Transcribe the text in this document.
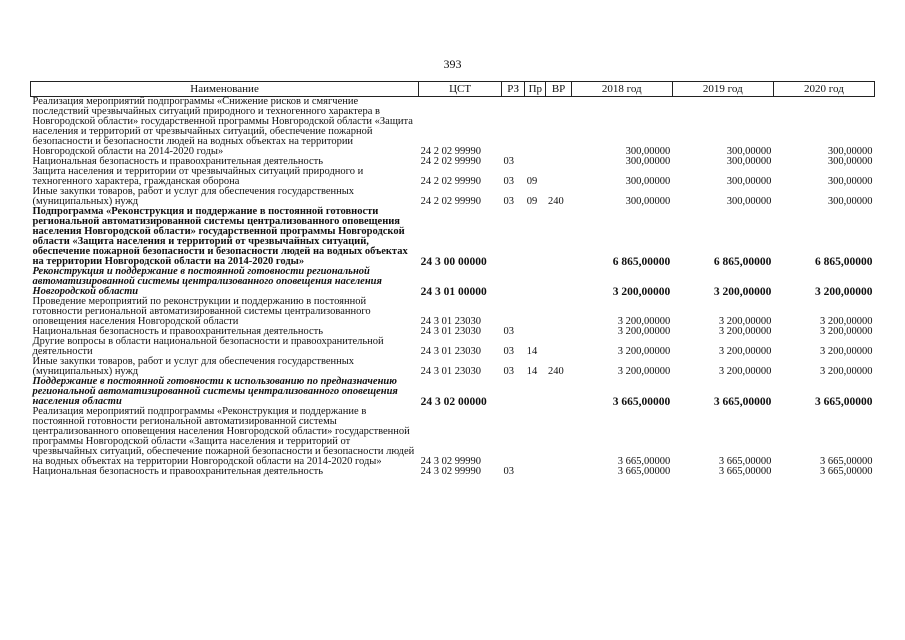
393
Наименование	ЦСТ	РЗ	Пр	ВР	2018 год	2019 год	2020 год
Реализация мероприятий подпрограммы «Снижение рисков и смягчение последствий чрезвычайных ситуаций природного и техногенного характера в Новгородской области» государственной программы Новгородской области «Защита населения и территорий от чрезвычайных ситуаций, обеспечение пожарной безопасности и безопасности людей на водных объектах на территории Новгородской области на 2014-2020 годы»	24 2 02 99990				300,00000	300,00000	300,00000
Национальная безопасность и правоохранительная деятельность	24 2 02 99990	03			300,00000	300,00000	300,00000
Защита населения и территории от чрезвычайных ситуаций природного и техногенного характера, гражданская оборона	24 2 02 99990	03	09		300,00000	300,00000	300,00000
Иные закупки товаров, работ и услуг для обеспечения государственных (муниципальных) нужд	24 2 02 99990	03	09	240	300,00000	300,00000	300,00000
Подпрограмма «Реконструкция и поддержание в постоянной готовности региональной автоматизированной системы централизованного оповещения населения Новгородской области» государственной программы Новгородской области «Защита населения и территорий от чрезвычайных ситуаций, обеспечение пожарной безопасности и безопасности людей на водных объектах на территории Новгородской области на 2014-2020 годы»	24 3 00 00000				6 865,00000	6 865,00000	6 865,00000
Реконструкция и поддержание в постоянной готовности региональной автоматизированной системы централизованного оповещения населения Новгородской области	24 3 01 00000				3 200,00000	3 200,00000	3 200,00000
Проведение мероприятий по реконструкции и поддержанию в постоянной готовности региональной автоматизированной системы централизованного оповещения населения Новгородской области	24 3 01 23030				3 200,00000	3 200,00000	3 200,00000
Национальная безопасность и правоохранительная деятельность	24 3 01 23030	03			3 200,00000	3 200,00000	3 200,00000
Другие вопросы в области национальной безопасности и правоохранительной деятельности	24 3 01 23030	03	14		3 200,00000	3 200,00000	3 200,00000
Иные закупки товаров, работ и услуг для обеспечения государственных (муниципальных) нужд	24 3 01 23030	03	14	240	3 200,00000	3 200,00000	3 200,00000
Поддержание в постоянной готовности к использованию по предназначению региональной автоматизированной системы централизованного оповещения населения области	24 3 02 00000				3 665,00000	3 665,00000	3 665,00000
Реализация мероприятий подпрограммы «Реконструкция и поддержание в постоянной готовности региональной автоматизированной системы централизованного оповещения населения Новгородской области» государственной программы Новгородской области «Защита населения и территорий от чрезвычайных ситуаций, обеспечение пожарной безопасности и безопасности людей на водных объектах на территории Новгородской области на 2014-2020 годы»	24 3 02 99990				3 665,00000	3 665,00000	3 665,00000
Национальная безопасность и правоохранительная деятельность	24 3 02 99990	03			3 665,00000	3 665,00000	3 665,00000
